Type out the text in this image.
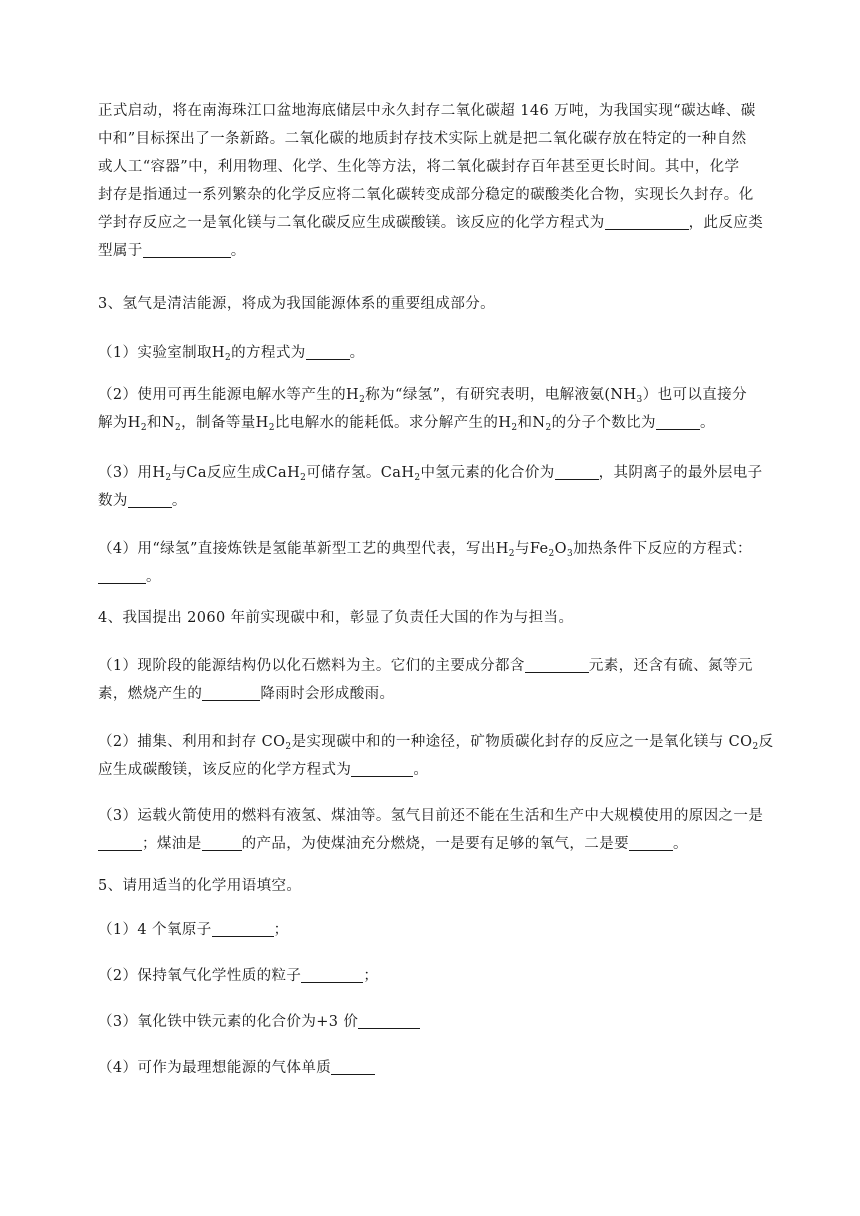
正式启动，将在南海珠江口盆地海底储层中永久封存二氧化碳超 146 万吨，为我国实现“碳达峰、碳

中和”目标探出了一条新路。二氧化碳的地质封存技术实际上就是把二氧化碳存放在特定的一种自然

或人工“容器”中，利用物理、化学、生化等方法，将二氧化碳封存百年甚至更长时间。其中，化学

封存是指通过一系列繁杂的化学反应将二氧化碳转变成部分稳定的碳酸类化合物，实现长久封存。化

学封存反应之一是氧化镁与二氧化碳反应生成碳酸镁。该反应的化学方程式为	，此反应类

型属于	。

3、氢气是清洁能源，将成为我国能源体系的重要组成部分。

（1）实验室制取$H_2$的方程式为	。

（2）使用可再生能源电解水等产生的$H_2$称为“绿氢”，有研究表明，电解液氨$(NH_3)$也可以直接分

解为$H_2$和$N_2$，制备等量$H_2$比电解水的能耗低。求分解产生的$H_2$和$N_2$的分子个数比为	。

（3）用$H_2$与Ca反应生成CaH$_2$可储存氢。CaH$_2$中氢元素的化合价为	，其阴离子的最外层电子

数为	。

（4）用“绿氢”直接炼铁是氢能革新型工艺的典型代表，写出$H_2$与$Fe_2O_3$加热条件下反应的方程式：

。

4、我国提出 2060 年前实现碳中和，彰显了负责任大国的作为与担当。

（1）现阶段的能源结构仍以化石燃料为主。它们的主要成分都含	元素，还含有硫、氮等元

素，燃烧产生的	降雨时会形成酸雨。

（2）捕集、利用和封存 $CO_2$是实现碳中和的一种途径，矿物质碳化封存的反应之一是氧化镁与 $CO_2$反

应生成碳酸镁，该反应的化学方程式为	。

（3）运载火箭使用的燃料有液氢、煤油等。氢气目前还不能在生活和生产中大规模使用的原因之一是

；煤油是	的产品，为使煤油充分燃烧，一是要有足够的氧气，二是要	。

5、请用适当的化学用语填空。

（1）4 个氧原子	；

（2）保持氧气化学性质的粒子	；

（3）氧化铁中铁元素的化合价为+3 价

（4）可作为最理想能源的气体单质
